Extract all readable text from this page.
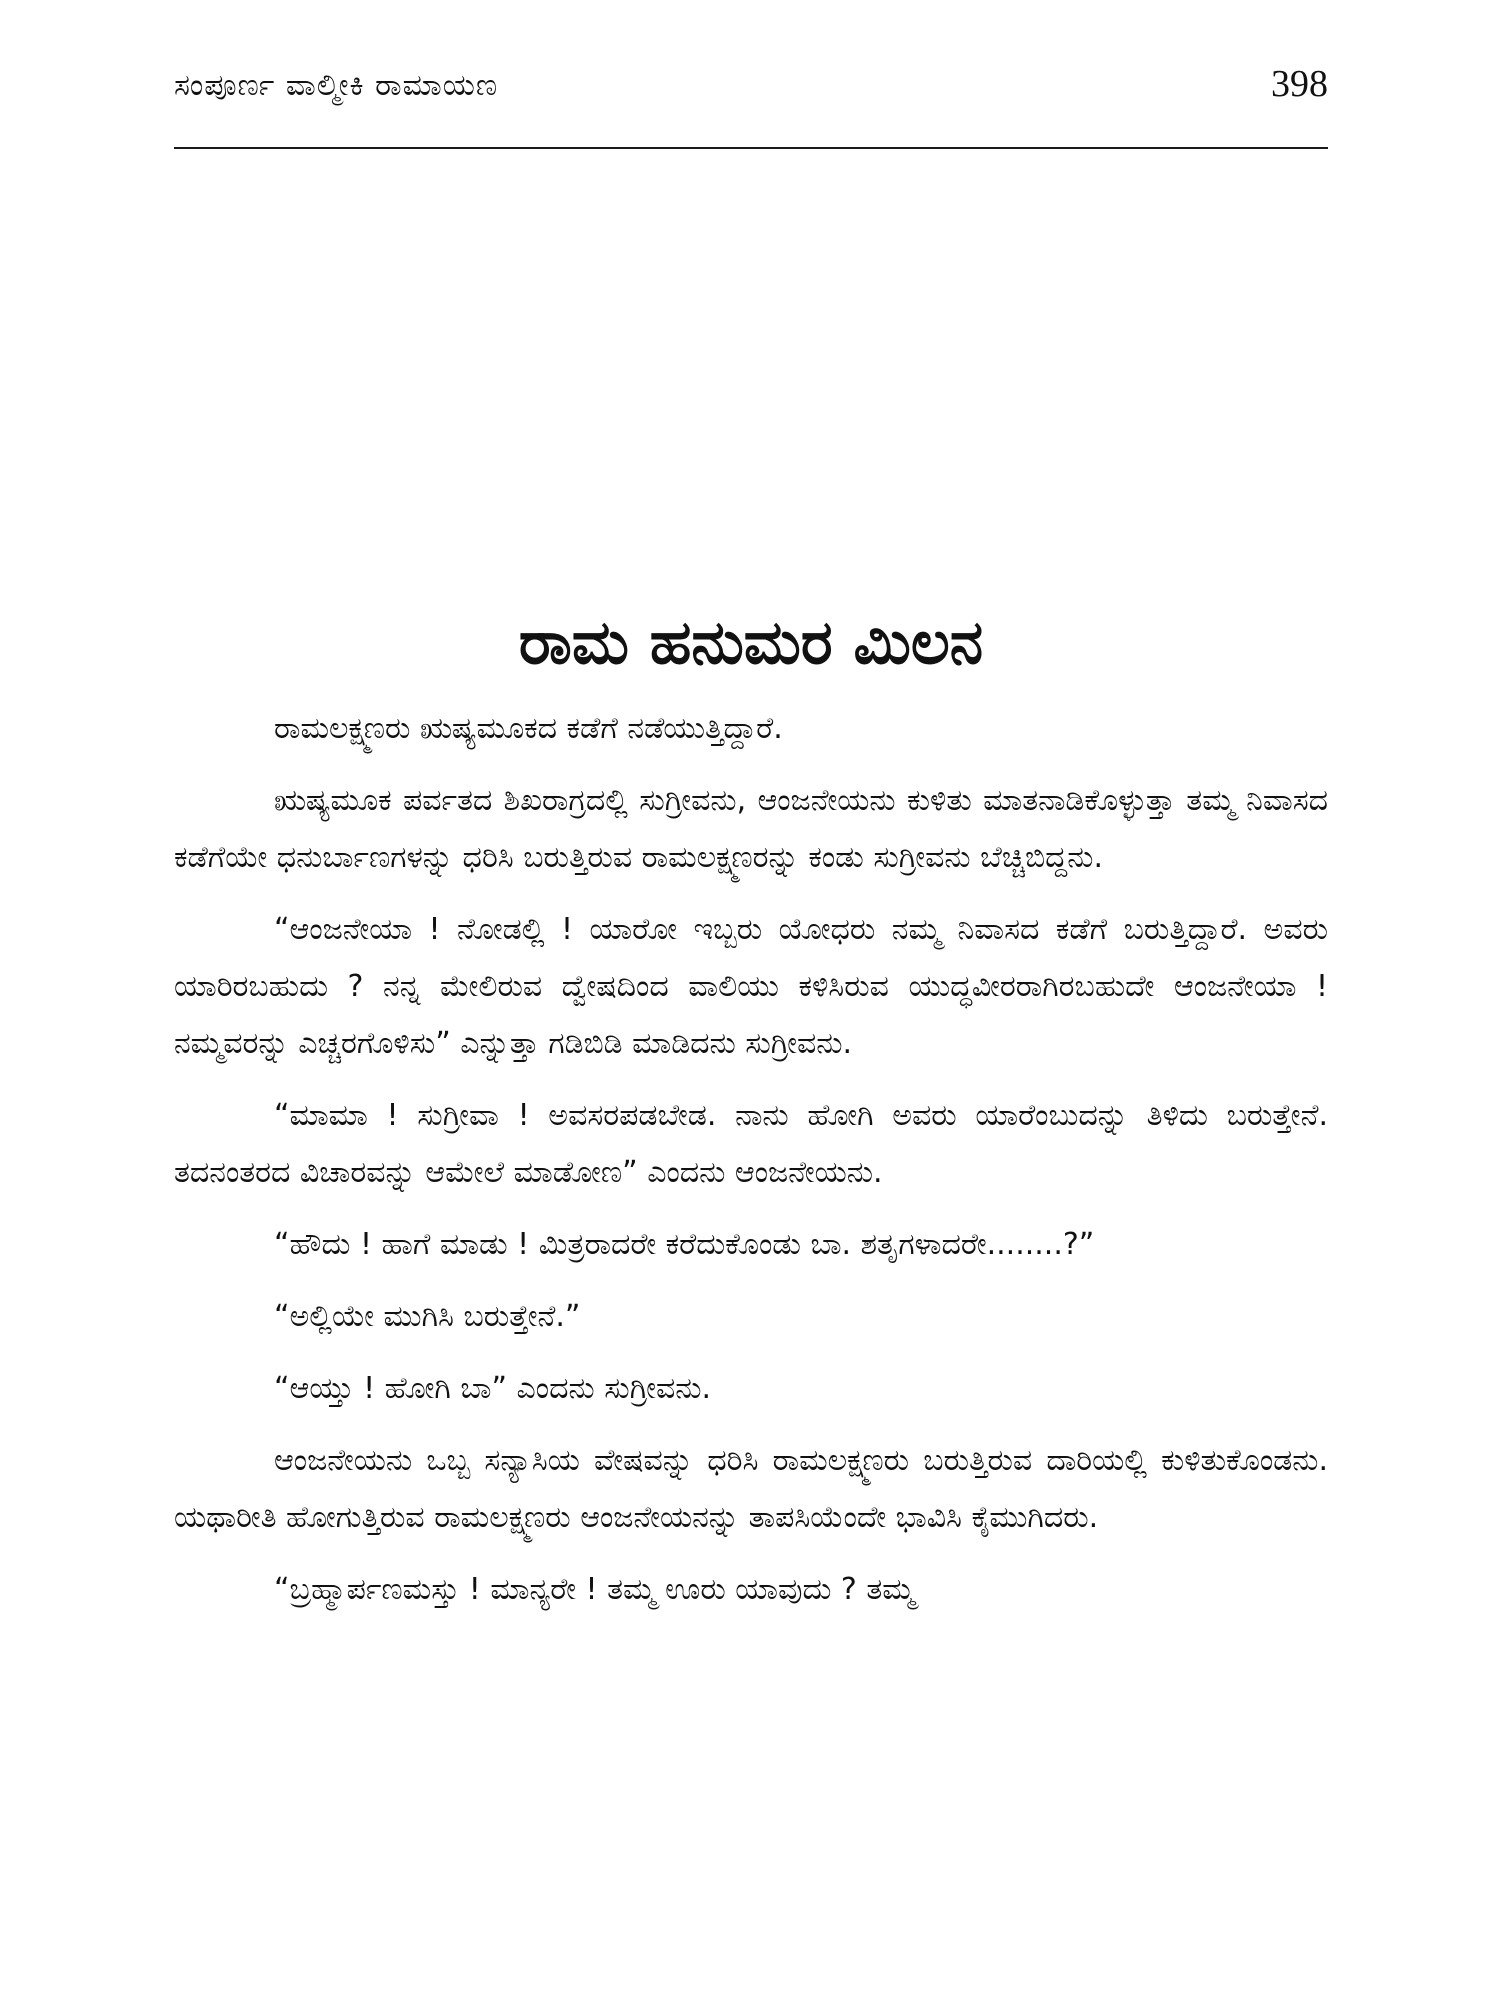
ಸಂಪೂರ್ಣ ವಾಲ್ಮೀಕಿ ರಾಮಾಯಣ	398
ರಾಮ ಹನುಮರ ಮಿಲನ

ರಾಮಲಕ್ಷ್ಮಣರು ಋಷ್ಯಮೂಕದ ಕಡೆಗೆ ನಡೆಯುತ್ತಿದ್ದಾರೆ.

ಋಷ್ಯಮೂಕ ಪರ್ವತದ ಶಿಖರಾಗ್ರದಲ್ಲಿ ಸುಗ್ರೀವನು, ಆಂಜನೇಯನು ಕುಳಿತು ಮಾತನಾಡಿಕೊಳ್ಳುತ್ತಾ ತಮ್ಮ ನಿವಾಸದ ಕಡೆಗೆಯೇ ಧನುರ್ಬಾಣಗಳನ್ನು ಧರಿಸಿ ಬರುತ್ತಿರುವ ರಾಮಲಕ್ಷ್ಮಣರನ್ನು ಕಂಡು ಸುಗ್ರೀವನು ಬೆಚ್ಚಿಬಿದ್ದನು.

“ಆಂಜನೇಯಾ ! ನೋಡಲ್ಲಿ ! ಯಾರೋ ಇಬ್ಬರು ಯೋಧರು ನಮ್ಮ ನಿವಾಸದ ಕಡೆಗೆ ಬರುತ್ತಿದ್ದಾರೆ. ಅವರು ಯಾರಿರಬಹುದು ? ನನ್ನ ಮೇಲಿರುವ ದ್ವೇಷದಿಂದ ವಾಲಿಯು ಕಳಿಸಿರುವ ಯುದ್ಧವೀರರಾಗಿರಬಹುದೇ ಆಂಜನೇಯಾ ! ನಮ್ಮವರನ್ನು ಎಚ್ಚರಗೊಳಿಸು” ಎನ್ನುತ್ತಾ ಗಡಿಬಿಡಿ ಮಾಡಿದನು ಸುಗ್ರೀವನು.

“ಮಾಮಾ ! ಸುಗ್ರೀವಾ ! ಅವಸರಪಡಬೇಡ. ನಾನು ಹೋಗಿ ಅವರು ಯಾರೆಂಬುದನ್ನು ತಿಳಿದು ಬರುತ್ತೇನೆ. ತದನಂತರದ ವಿಚಾರವನ್ನು ಆಮೇಲೆ ಮಾಡೋಣ” ಎಂದನು ಆಂಜನೇಯನು.

“ಹೌದು ! ಹಾಗೆ ಮಾಡು ! ಮಿತ್ರರಾದರೇ ಕರೆದುಕೊಂಡು ಬಾ. ಶತೃಗಳಾದರೇ........?”

“ಅಲ್ಲಿಯೇ ಮುಗಿಸಿ ಬರುತ್ತೇನೆ.”

“ಆಯ್ತು ! ಹೋಗಿ ಬಾ” ಎಂದನು ಸುಗ್ರೀವನು.

ಆಂಜನೇಯನು ಒಬ್ಬ ಸನ್ಯಾಸಿಯ ವೇಷವನ್ನು ಧರಿಸಿ ರಾಮಲಕ್ಷ್ಮಣರು ಬರುತ್ತಿರುವ ದಾರಿಯಲ್ಲಿ ಕುಳಿತುಕೊಂಡನು. ಯಥಾರೀತಿ ಹೋಗುತ್ತಿರುವ ರಾಮಲಕ್ಷ್ಮಣರು ಆಂಜನೇಯನನ್ನು ತಾಪಸಿಯೆಂದೇ ಭಾವಿಸಿ ಕೈಮುಗಿದರು.

“ಬ್ರಹ್ಮಾರ್ಪಣಮಸ್ತು ! ಮಾನ್ಯರೇ ! ತಮ್ಮ ಊರು ಯಾವುದು ? ತಮ್ಮ
